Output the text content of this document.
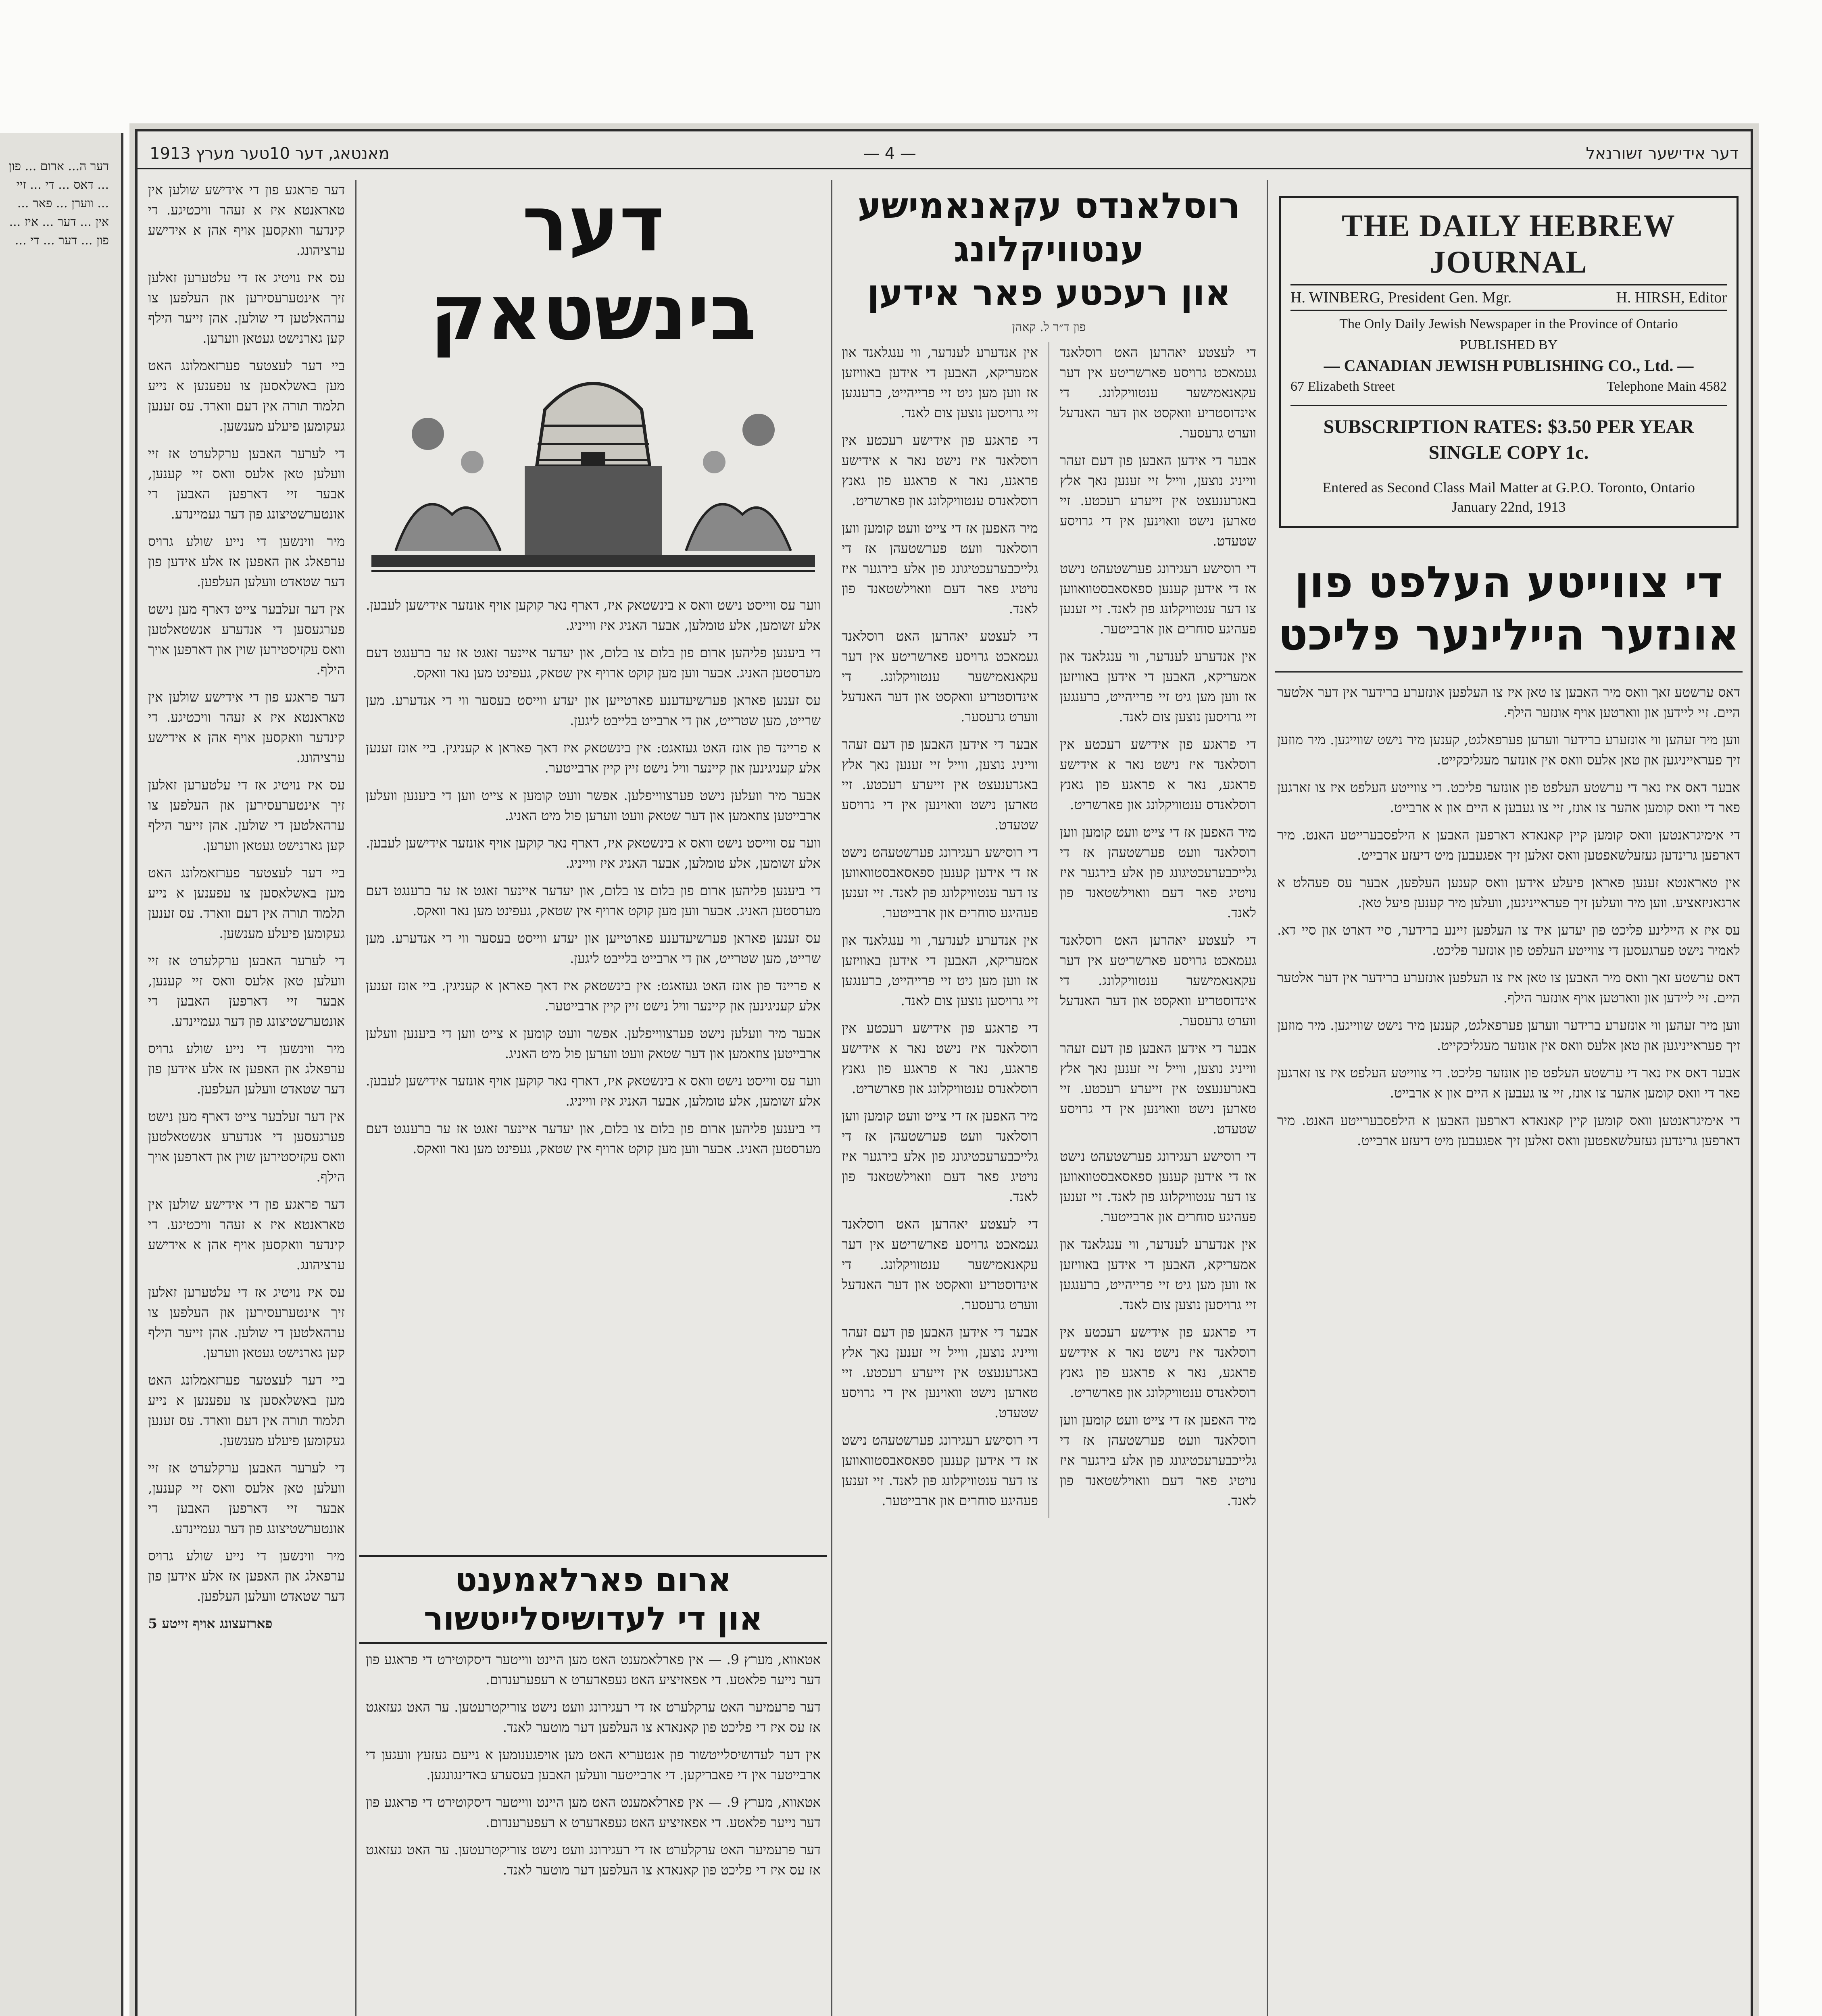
דער ה... ארום ... פון ... דאס ... די ... זיי ... ווערן ... פאר ... אין ... דער ... איז ... פון ... דער ... די ...
1913 מאנטאג, דער 10טער מערץ	— 4 —	דער אידישער זשורנאל
THE DAILY HEBREW JOURNAL
H. WINBERG, President Gen. Mgr.	H. HIRSH, Editor
The Only Daily Jewish Newspaper in the Province of Ontario
PUBLISHED BY
— CANADIAN JEWISH PUBLISHING CO., Ltd. —
67 Elizabeth Street	Telephone Main 4582
SUBSCRIPTION RATES: $3.50 PER YEAR
SINGLE COPY 1c.
Entered as Second Class Mail Matter at G.P.O. Toronto, Ontario
January 22nd, 1913
די צווייטע העלפט פון
אונזער היילינער פליכט

דאס ערשטע זאך וואס מיר האבען צו טאן איז צו העלפען אונזערע ברידער אין דער אלטער היים. זיי ליידען און ווארטען אויף אונזער הילף.

ווען מיר זעהען ווי אונזערע ברידער ווערען פערפאלגט, קענען מיר נישט שווייגען. מיר מוזען זיך פעראייניגען און טאן אלעס וואס אין אונזער מעגליכקייט.

אבער דאס איז נאר די ערשטע העלפט פון אונזער פליכט. די צווייטע העלפט איז צו זארגען פאר די וואס קומען אהער צו אונז, זיי צו געבען א היים און א ארבייט.

די אימיגראנטען וואס קומען קיין קאנאדא דארפען האבען א הילפסבערייטע האנט. מיר דארפען גרינדען געזעלשאפטען וואס זאלען זיך אפגעבען מיט דיעזע ארבייט.

אין טאראנטא זענען פאראן פיעלע אידען וואס קענען העלפען, אבער עס פעהלט א ארגאניזאציע. ווען מיר וועלען זיך פעראייניגען, וועלען מיר קענען פיעל טאן.

עס איז א היילינע פליכט פון יעדען איד צו העלפען זיינע ברידער, סיי דארט און סיי דא. לאמיר נישט פערגעסען די צווייטע העלפט פון אונזער פליכט.

דאס ערשטע זאך וואס מיר האבען צו טאן איז צו העלפען אונזערע ברידער אין דער אלטער היים. זיי ליידען און ווארטען אויף אונזער הילף.

ווען מיר זעהען ווי אונזערע ברידער ווערען פערפאלגט, קענען מיר נישט שווייגען. מיר מוזען זיך פעראייניגען און טאן אלעס וואס אין אונזער מעגליכקייט.

אבער דאס איז נאר די ערשטע העלפט פון אונזער פליכט. די צווייטע העלפט איז צו זארגען פאר די וואס קומען אהער צו אונז, זיי צו געבען א היים און א ארבייט.

די אימיגראנטען וואס קומען קיין קאנאדא דארפען האבען א הילפסבערייטע האנט. מיר דארפען גרינדען געזעלשאפטען וואס זאלען זיך אפגעבען מיט דיעזע ארבייט.

רוסלאנדס עקאנאמישע ענטוויקלונג
און רעכטע פאר אידען
פון ד״ר ל. קאהן

די לעצטע יאהרען האט רוסלאנד געמאכט גרויסע פארשריטע אין דער עקאנאמישער ענטוויקלונג. די אינדוסטריע וואקסט און דער האנדעל ווערט גרעסער.

אבער די אידען האבען פון דעם זעהר ווייניג נוצען, ווייל זיי זענען נאך אלץ באגרענעצט אין זייערע רעכטע. זיי טארען נישט וואוינען אין די גרויסע שטעדט.

די רוסישע רעגירונג פערשטעהט נישט אז די אידען קענען ספאסאבסטוואווען צו דער ענטוויקלונג פון לאנד. זיי זענען פעהיגע סוחרים און ארבייטער.

אין אנדערע לענדער, ווי ענגלאנד און אמעריקא, האבען די אידען באוויזען אז ווען מען גיט זיי פרייהייט, ברענגען זיי גרויסען נוצען צום לאנד.

די פראגע פון אידישע רעכטע אין רוסלאנד איז נישט נאר א אידישע פראגע, נאר א פראגע פון גאנץ רוסלאנדס ענטוויקלונג און פארשריט.

מיר האפען אז די צייט וועט קומען ווען רוסלאנד וועט פערשטעהן אז די גלייכבערעכטיגונג פון אלע בירגער איז נויטיג פאר דעם וואוילשטאנד פון לאנד.

די לעצטע יאהרען האט רוסלאנד געמאכט גרויסע פארשריטע אין דער עקאנאמישער ענטוויקלונג. די אינדוסטריע וואקסט און דער האנדעל ווערט גרעסער.

אבער די אידען האבען פון דעם זעהר ווייניג נוצען, ווייל זיי זענען נאך אלץ באגרענעצט אין זייערע רעכטע. זיי טארען נישט וואוינען אין די גרויסע שטעדט.

די רוסישע רעגירונג פערשטעהט נישט אז די אידען קענען ספאסאבסטוואווען צו דער ענטוויקלונג פון לאנד. זיי זענען פעהיגע סוחרים און ארבייטער.

אין אנדערע לענדער, ווי ענגלאנד און אמעריקא, האבען די אידען באוויזען אז ווען מען גיט זיי פרייהייט, ברענגען זיי גרויסען נוצען צום לאנד.

די פראגע פון אידישע רעכטע אין רוסלאנד איז נישט נאר א אידישע פראגע, נאר א פראגע פון גאנץ רוסלאנדס ענטוויקלונג און פארשריט.

מיר האפען אז די צייט וועט קומען ווען רוסלאנד וועט פערשטעהן אז די גלייכבערעכטיגונג פון אלע בירגער איז נויטיג פאר דעם וואוילשטאנד פון לאנד.

אין אנדערע לענדער, ווי ענגלאנד און אמעריקא, האבען די אידען באוויזען אז ווען מען גיט זיי פרייהייט, ברענגען זיי גרויסען נוצען צום לאנד.

די פראגע פון אידישע רעכטע אין רוסלאנד איז נישט נאר א אידישע פראגע, נאר א פראגע פון גאנץ רוסלאנדס ענטוויקלונג און פארשריט.

מיר האפען אז די צייט וועט קומען ווען רוסלאנד וועט פערשטעהן אז די גלייכבערעכטיגונג פון אלע בירגער איז נויטיג פאר דעם וואוילשטאנד פון לאנד.

די לעצטע יאהרען האט רוסלאנד געמאכט גרויסע פארשריטע אין דער עקאנאמישער ענטוויקלונג. די אינדוסטריע וואקסט און דער האנדעל ווערט גרעסער.

אבער די אידען האבען פון דעם זעהר ווייניג נוצען, ווייל זיי זענען נאך אלץ באגרענעצט אין זייערע רעכטע. זיי טארען נישט וואוינען אין די גרויסע שטעדט.

די רוסישע רעגירונג פערשטעהט נישט אז די אידען קענען ספאסאבסטוואווען צו דער ענטוויקלונג פון לאנד. זיי זענען פעהיגע סוחרים און ארבייטער.

אין אנדערע לענדער, ווי ענגלאנד און אמעריקא, האבען די אידען באוויזען אז ווען מען גיט זיי פרייהייט, ברענגען זיי גרויסען נוצען צום לאנד.

די פראגע פון אידישע רעכטע אין רוסלאנד איז נישט נאר א אידישע פראגע, נאר א פראגע פון גאנץ רוסלאנדס ענטוויקלונג און פארשריט.

מיר האפען אז די צייט וועט קומען ווען רוסלאנד וועט פערשטעהן אז די גלייכבערעכטיגונג פון אלע בירגער איז נויטיג פאר דעם וואוילשטאנד פון לאנד.

די לעצטע יאהרען האט רוסלאנד געמאכט גרויסע פארשריטע אין דער עקאנאמישער ענטוויקלונג. די אינדוסטריע וואקסט און דער האנדעל ווערט גרעסער.

אבער די אידען האבען פון דעם זעהר ווייניג נוצען, ווייל זיי זענען נאך אלץ באגרענעצט אין זייערע רעכטע. זיי טארען נישט וואוינען אין די גרויסע שטעדט.

די רוסישע רעגירונג פערשטעהט נישט אז די אידען קענען ספאסאבסטוואווען צו דער ענטוויקלונג פון לאנד. זיי זענען פעהיגע סוחרים און ארבייטער.

דער בינשטאק

ווער עס ווייסט נישט וואס א בינשטאק איז, דארף נאר קוקען אויף אונזער אידישען לעבען. אלע זשומען, אלע טומלען, אבער האניג איז ווייניג.

די ביענען פליהען ארום פון בלום צו בלום, און יעדער איינער זאגט אז ער ברענגט דעם מערסטען האניג. אבער ווען מען קוקט ארויף אין שטאק, געפינט מען נאר וואקס.

עס זענען פאראן פערשיעדענע פארטייען און יעדע ווייסט בעסער ווי די אנדערע. מען שרייט, מען שטרייט, און די ארבייט בלייבט ליגען.

א פריינד פון אונז האט געזאגט: אין בינשטאק איז דאך פאראן א קעניגין. ביי אונז זענען אלע קעניגינען און קיינער וויל נישט זיין קיין ארבייטער.

אבער מיר וועלען נישט פערצווייפלען. אפשר וועט קומען א צייט ווען די ביענען וועלען ארבייטען צוזאמען און דער שטאק וועט ווערען פול מיט האניג.

ווער עס ווייסט נישט וואס א בינשטאק איז, דארף נאר קוקען אויף אונזער אידישען לעבען. אלע זשומען, אלע טומלען, אבער האניג איז ווייניג.

די ביענען פליהען ארום פון בלום צו בלום, און יעדער איינער זאגט אז ער ברענגט דעם מערסטען האניג. אבער ווען מען קוקט ארויף אין שטאק, געפינט מען נאר וואקס.

עס זענען פאראן פערשיעדענע פארטייען און יעדע ווייסט בעסער ווי די אנדערע. מען שרייט, מען שטרייט, און די ארבייט בלייבט ליגען.

א פריינד פון אונז האט געזאגט: אין בינשטאק איז דאך פאראן א קעניגין. ביי אונז זענען אלע קעניגינען און קיינער וויל נישט זיין קיין ארבייטער.

אבער מיר וועלען נישט פערצווייפלען. אפשר וועט קומען א צייט ווען די ביענען וועלען ארבייטען צוזאמען און דער שטאק וועט ווערען פול מיט האניג.

ווער עס ווייסט נישט וואס א בינשטאק איז, דארף נאר קוקען אויף אונזער אידישען לעבען. אלע זשומען, אלע טומלען, אבער האניג איז ווייניג.

די ביענען פליהען ארום פון בלום צו בלום, און יעדער איינער זאגט אז ער ברענגט דעם מערסטען האניג. אבער ווען מען קוקט ארויף אין שטאק, געפינט מען נאר וואקס.

ארום פארלאמענט
און די לעדושיסלייטשור

אטאווא, מערץ 9. — אין פארלאמענט האט מען היינט ווייטער דיסקוטירט די פראגע פון דער נייער פלאטע. די אפאזיציע האט געפאדערט א רעפערענדום.

דער פרעמיער האט ערקלערט אז די רעגירונג וועט נישט צוריקטרעטען. ער האט געזאגט אז עס איז די פליכט פון קאנאדא צו העלפען דער מוטער לאנד.

אין דער לעדושיסלייטשור פון אנטעריא האט מען אויפגענומען א נייעם געזעץ וועגען די ארבייטער אין די פאבריקען. די ארבייטער וועלען האבען בעסערע באדינגונגען.

אטאווא, מערץ 9. — אין פארלאמענט האט מען היינט ווייטער דיסקוטירט די פראגע פון דער נייער פלאטע. די אפאזיציע האט געפאדערט א רעפערענדום.

דער פרעמיער האט ערקלערט אז די רעגירונג וועט נישט צוריקטרעטען. ער האט געזאגט אז עס איז די פליכט פון קאנאדא צו העלפען דער מוטער לאנד.

דער פראגע פון די אידישע שולען אין טאראנטא איז א זעהר וויכטיגע. די קינדער וואקסען אויף אהן א אידישע ערציהונג.

עס איז נויטיג אז די עלטערען זאלען זיך אינטערעסירען און העלפען צו ערהאלטען די שולען. אהן זייער הילף קען גארנישט געטאן ווערען.

ביי דער לעצטער פערזאמלונג האט מען באשלאסען צו עפענען א נייע תלמוד תורה אין דעם ווארד. עס זענען געקומען פיעלע מענשען.

די לערער האבען ערקלערט אז זיי וועלען טאן אלעס וואס זיי קענען, אבער זיי דארפען האבען די אונטערשטיצונג פון דער געמיינדע.

מיר ווינשען די נייע שולע גרויס ערפאלג און האפען אז אלע אידען פון דער שטאדט וועלען העלפען.

אין דער זעלבער צייט דארף מען נישט פערגעסען די אנדערע אנשטאלטען וואס עקזיסטירען שוין און דארפען אויך הילף.

דער פראגע פון די אידישע שולען אין טאראנטא איז א זעהר וויכטיגע. די קינדער וואקסען אויף אהן א אידישע ערציהונג.

עס איז נויטיג אז די עלטערען זאלען זיך אינטערעסירען און העלפען צו ערהאלטען די שולען. אהן זייער הילף קען גארנישט געטאן ווערען.

ביי דער לעצטער פערזאמלונג האט מען באשלאסען צו עפענען א נייע תלמוד תורה אין דעם ווארד. עס זענען געקומען פיעלע מענשען.

די לערער האבען ערקלערט אז זיי וועלען טאן אלעס וואס זיי קענען, אבער זיי דארפען האבען די אונטערשטיצונג פון דער געמיינדע.

מיר ווינשען די נייע שולע גרויס ערפאלג און האפען אז אלע אידען פון דער שטאדט וועלען העלפען.

אין דער זעלבער צייט דארף מען נישט פערגעסען די אנדערע אנשטאלטען וואס עקזיסטירען שוין און דארפען אויך הילף.

דער פראגע פון די אידישע שולען אין טאראנטא איז א זעהר וויכטיגע. די קינדער וואקסען אויף אהן א אידישע ערציהונג.

עס איז נויטיג אז די עלטערען זאלען זיך אינטערעסירען און העלפען צו ערהאלטען די שולען. אהן זייער הילף קען גארנישט געטאן ווערען.

ביי דער לעצטער פערזאמלונג האט מען באשלאסען צו עפענען א נייע תלמוד תורה אין דעם ווארד. עס זענען געקומען פיעלע מענשען.

די לערער האבען ערקלערט אז זיי וועלען טאן אלעס וואס זיי קענען, אבער זיי דארפען האבען די אונטערשטיצונג פון דער געמיינדע.

מיר ווינשען די נייע שולע גרויס ערפאלג און האפען אז אלע אידען פון דער שטאדט וועלען העלפען.

פארזעצונג אויף זייטע 5
